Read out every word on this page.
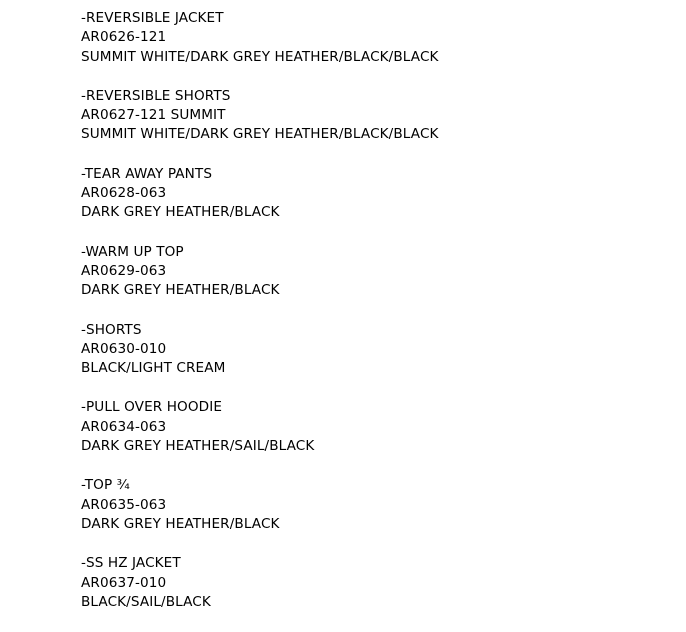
-REVERSIBLE JACKET
AR0626-121
SUMMIT WHITE/DARK GREY HEATHER/BLACK/BLACK
-REVERSIBLE SHORTS
AR0627-121 SUMMIT
SUMMIT WHITE/DARK GREY HEATHER/BLACK/BLACK
-TEAR AWAY PANTS
AR0628-063
DARK GREY HEATHER/BLACK
-WARM UP TOP
AR0629-063
DARK GREY HEATHER/BLACK
-SHORTS
AR0630-010
BLACK/LIGHT CREAM
-PULL OVER HOODIE
AR0634-063
DARK GREY HEATHER/SAIL/BLACK
-TOP ¾
AR0635-063
DARK GREY HEATHER/BLACK
-SS HZ JACKET
AR0637-010
BLACK/SAIL/BLACK
